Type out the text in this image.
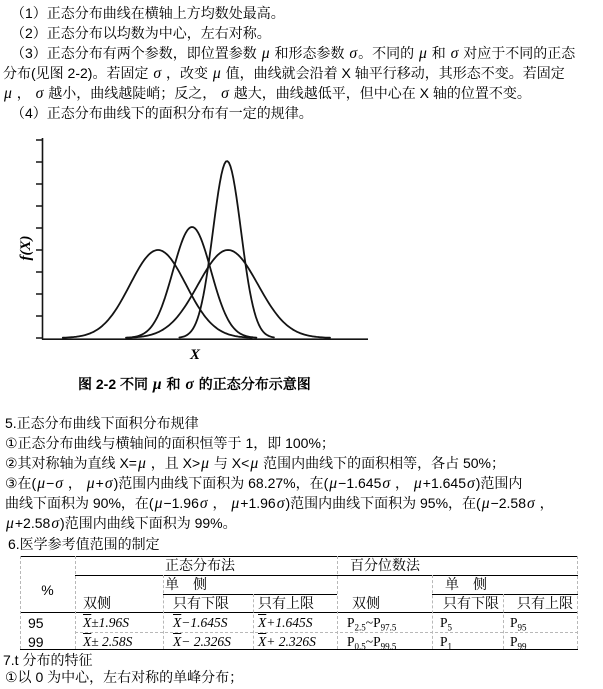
（1）正态分布曲线在横轴上方均数处最高。
（2）正态分布以均数为中心，左右对称。
（3）正态分布有两个参数，即位置参数 μ 和形态参数 σ。不同的 μ 和 σ 对应于不同的正态
分布(见图 2-2)。若固定 σ ，改变 μ 值，曲线就会沿着 X 轴平行移动，其形态不变。若固定
μ ， σ 越小，曲线越陡峭；反之， σ 越大，曲线越低平，但中心在 X 轴的位置不变。
（4）正态分布曲线下的面积分布有一定的规律。
f(X)
X
图 2-2 不同 μ 和 σ 的正态分布示意图
5.正态分布曲线下面积分布规律
①正态分布曲线与横轴间的面积恒等于 1，即 100%；
②其对称轴为直线 X=μ ，且 X>μ 与 X<μ 范围内曲线下的面积相等，各占 50%；
③在(μ−σ ， μ+σ)范围内曲线下面积为 68.27%，在(μ−1.645σ ， μ+1.645σ)范围内
曲线下面积为 90%，在(μ−1.96σ ， μ+1.96σ)范围内曲线下面积为 95%，在(μ−2.58σ ，
μ+2.58σ)范围内曲线下面积为 99%。
6.医学参考值范围的制定
%
正态分布法	百分位数法
单　侧	单　侧
双侧	只有下限 只有上限	双侧	只有下限 只有上限
95	$\overline{X}\pm 1.96S$	$\overline{X}-1.645S$ $\overline{X}+1.645S$	$P_{2.5}\sim P_{97.5}$	$P_5$	$P_{95}$
99	$\overline{X}\pm 2.58S$	$\overline{X}- 2.326S$ $\overline{X}+ 2.326S$ $P_{0.5}\sim P_{99.5}$	$P_1$	$P_{99}$
7.t 分布的特征
①以 0 为中心，左右对称的单峰分布；
